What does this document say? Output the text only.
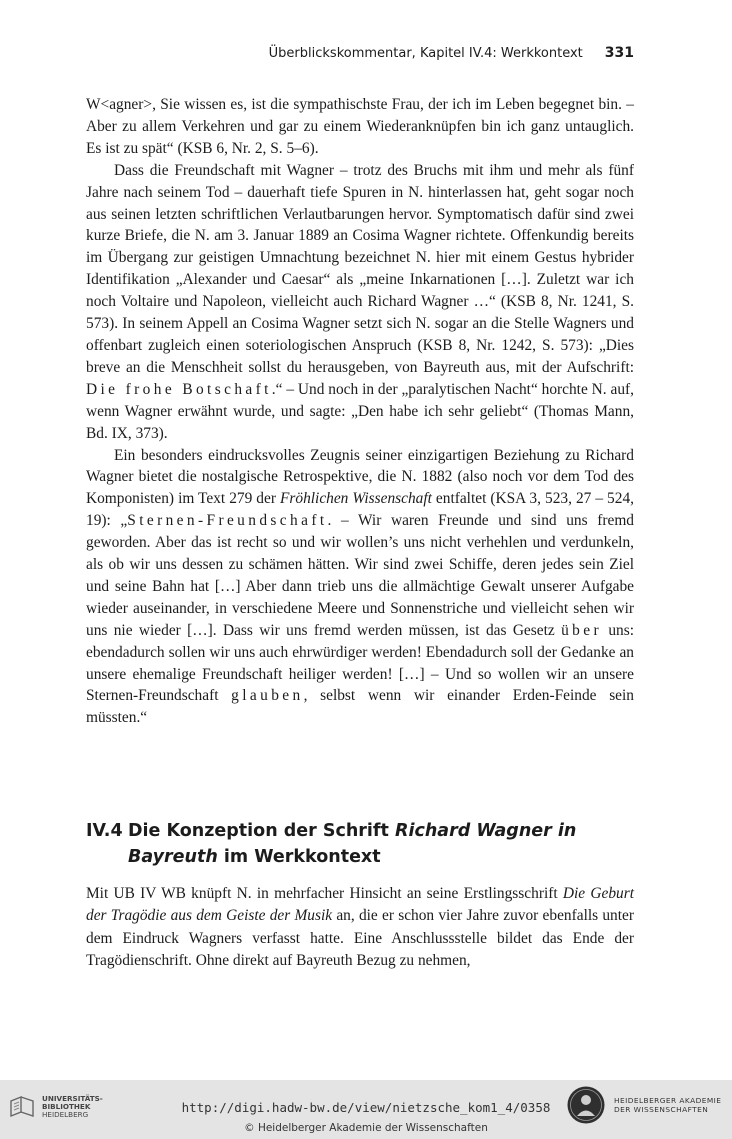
Überblickskommentar, Kapitel IV.4: Werkkontext 331

W<agner>, Sie wissen es, ist die sympathischste Frau, der ich im Leben begegnet bin. – Aber zu allem Verkehren und gar zu einem Wiederanknüpfen bin ich ganz untauglich. Es ist zu spät“ (KSB 6, Nr. 2, S. 5–6).

Dass die Freundschaft mit Wagner – trotz des Bruchs mit ihm und mehr als fünf Jahre nach seinem Tod – dauerhaft tiefe Spuren in N. hinterlassen hat, geht sogar noch aus seinen letzten schriftlichen Verlautbarungen hervor. Symptomatisch dafür sind zwei kurze Briefe, die N. am 3. Januar 1889 an Cosima Wagner richtete. Offenkundig bereits im Übergang zur geistigen Umnachtung bezeichnet N. hier mit einem Gestus hybrider Identifikation „Alexander und Caesar“ als „meine Inkarnationen […]. Zuletzt war ich noch Voltaire und Napoleon, vielleicht auch Richard Wagner …“ (KSB 8, Nr. 1241, S. 573). In seinem Appell an Cosima Wagner setzt sich N. sogar an die Stelle Wagners und offenbart zugleich einen soteriologischen Anspruch (KSB 8, Nr. 1242, S. 573): „Dies breve an die Menschheit sollst du herausgeben, von Bayreuth aus, mit der Aufschrift: Die frohe Botschaft.“ – Und noch in der „paralytischen Nacht“ horchte N. auf, wenn Wagner erwähnt wurde, und sagte: „Den habe ich sehr geliebt“ (Thomas Mann, Bd. IX, 373).

Ein besonders eindrucksvolles Zeugnis seiner einzigartigen Beziehung zu Richard Wagner bietet die nostalgische Retrospektive, die N. 1882 (also noch vor dem Tod des Komponisten) im Text 279 der Fröhlichen Wissenschaft entfaltet (KSA 3, 523, 27 – 524, 19): „Sternen-Freundschaft. – Wir waren Freunde und sind uns fremd geworden. Aber das ist recht so und wir wollen’s uns nicht verhehlen und verdunkeln, als ob wir uns dessen zu schämen hätten. Wir sind zwei Schiffe, deren jedes sein Ziel und seine Bahn hat […] Aber dann trieb uns die allmächtige Gewalt unserer Aufgabe wieder auseinander, in verschiedene Meere und Sonnenstriche und vielleicht sehen wir uns nie wieder […]. Dass wir uns fremd werden müssen, ist das Gesetz über uns: ebendadurch sollen wir uns auch ehrwürdiger werden! Ebendadurch soll der Gedanke an unsere ehemalige Freundschaft heiliger werden! […] – Und so wollen wir an unsere Sternen-Freundschaft glauben, selbst wenn wir einander Erden-Feinde sein müssten.“

IV.4 Die Konzeption der Schrift Richard Wagner in Bayreuth im Werkkontext

Mit UB IV WB knüpft N. in mehrfacher Hinsicht an seine Erstlingsschrift Die Geburt der Tragödie aus dem Geiste der Musik an, die er schon vier Jahre zuvor ebenfalls unter dem Eindruck Wagners verfasst hatte. Eine Anschlussstelle bildet das Ende der Tragödienschrift. Ohne direkt auf Bayreuth Bezug zu nehmen,

UNIVERSITÄTS-
BIBLIOTHEK
HEIDELBERG	http://digi.hadw-bw.de/view/nietzsche_kom1_4/0358
© Heidelberger Akademie der Wissenschaften
HEIDELBERGER AKADEMIE
DER WISSENSCHAFTEN
